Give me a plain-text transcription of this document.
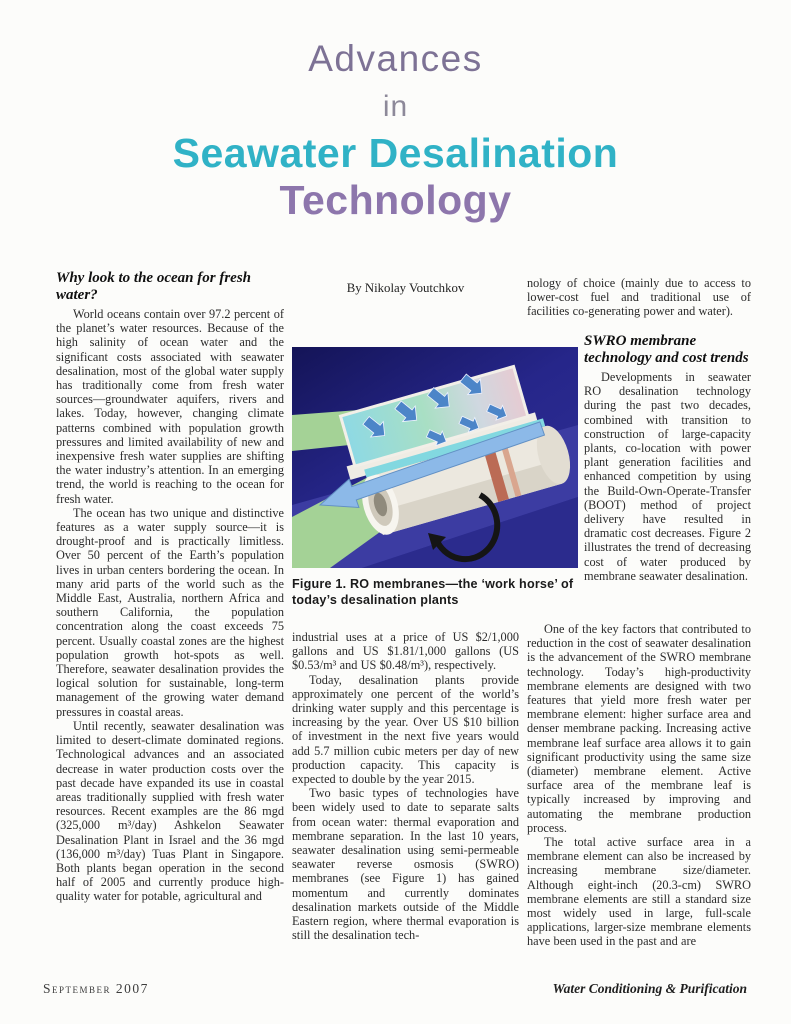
Advances
in
Seawater Desalination
Technology
Why look to the ocean for fresh water?

World oceans contain over 97.2 percent of the planet’s water resources. Because of the high salinity of ocean water and the significant costs associated with seawater desalination, most of the global water supply has traditionally come from fresh water sources—groundwater aquifers, rivers and lakes. Today, however, changing climate patterns combined with population growth pressures and limited availability of new and inexpensive fresh water supplies are shifting the water industry’s attention. In an emerging trend, the world is reaching to the ocean for fresh water.

The ocean has two unique and distinctive features as a water supply source—it is drought-proof and is practically limitless. Over 50 percent of the Earth’s population lives in urban centers bordering the ocean. In many arid parts of the world such as the Middle East, Australia, northern Africa and southern California, the population concentration along the coast exceeds 75 percent. Usually coastal zones are the highest population growth hot-spots as well. Therefore, seawater desalination provides the logical solution for sustainable, long-term management of the growing water demand pressures in coastal areas.

Until recently, seawater desalination was limited to desert-climate dominated regions. Technological advances and an associated decrease in water production costs over the past decade have expanded its use in coastal areas traditionally supplied with fresh water resources. Recent examples are the 86 mgd (325,000 m³/day) Ashkelon Seawater Desalination Plant in Israel and the 36 mgd (136,000 m³/day) Tuas Plant in Singapore. Both plants began operation in the second half of 2005 and currently produce high-quality water for potable, agricultural and

By Nikolay Voutchkov
Figure 1. RO membranes—the ‘work horse’ of today’s desalination plants

industrial uses at a price of US $2/1,000 gallons and US $1.81/1,000 gallons (US $0.53/m³ and US $0.48/m³), respectively.

Today, desalination plants provide approximately one percent of the world’s drinking water supply and this percentage is increasing by the year. Over US $10 billion of investment in the next five years would add 5.7 million cubic meters per day of new production capacity. This capacity is expected to double by the year 2015.

Two basic types of technologies have been widely used to date to separate salts from ocean water: thermal evaporation and membrane separation. In the last 10 years, seawater desalination using semi-permeable seawater reverse osmosis (SWRO) membranes (see Figure 1) has gained momentum and currently dominates desalination markets outside of the Middle Eastern region, where thermal evaporation is still the desalination tech-

nology of choice (mainly due to access to lower-cost fuel and traditional use of facilities co-generating power and water).

SWRO membrane technology and cost trends

Developments in seawater RO desalination technology during the past two decades, combined with transition to construction of large-capacity plants, co-location with power plant generation facilities and enhanced competition by using the Build-Own-Operate-Transfer (BOOT) method of project delivery have resulted in dramatic cost decreases. Figure 2 illustrates the trend of decreasing cost of water produced by membrane seawater desalination.

One of the key factors that contributed to reduction in the cost of seawater desalination is the advancement of the SWRO membrane technology. Today’s high-productivity membrane elements are designed with two features that yield more fresh water per membrane element: higher surface area and denser membrane packing. Increasing active membrane leaf surface area allows it to gain significant productivity using the same size (diameter) membrane element. Active surface area of the membrane leaf is typically increased by improving and automating the membrane production process.

The total active surface area in a membrane element can also be increased by increasing membrane size/diameter. Although eight-inch (20.3-cm) SWRO membrane elements are still a standard size most widely used in large, full-scale applications, larger-size membrane elements have been used in the past and are

September 2007	Water Conditioning & Purification
